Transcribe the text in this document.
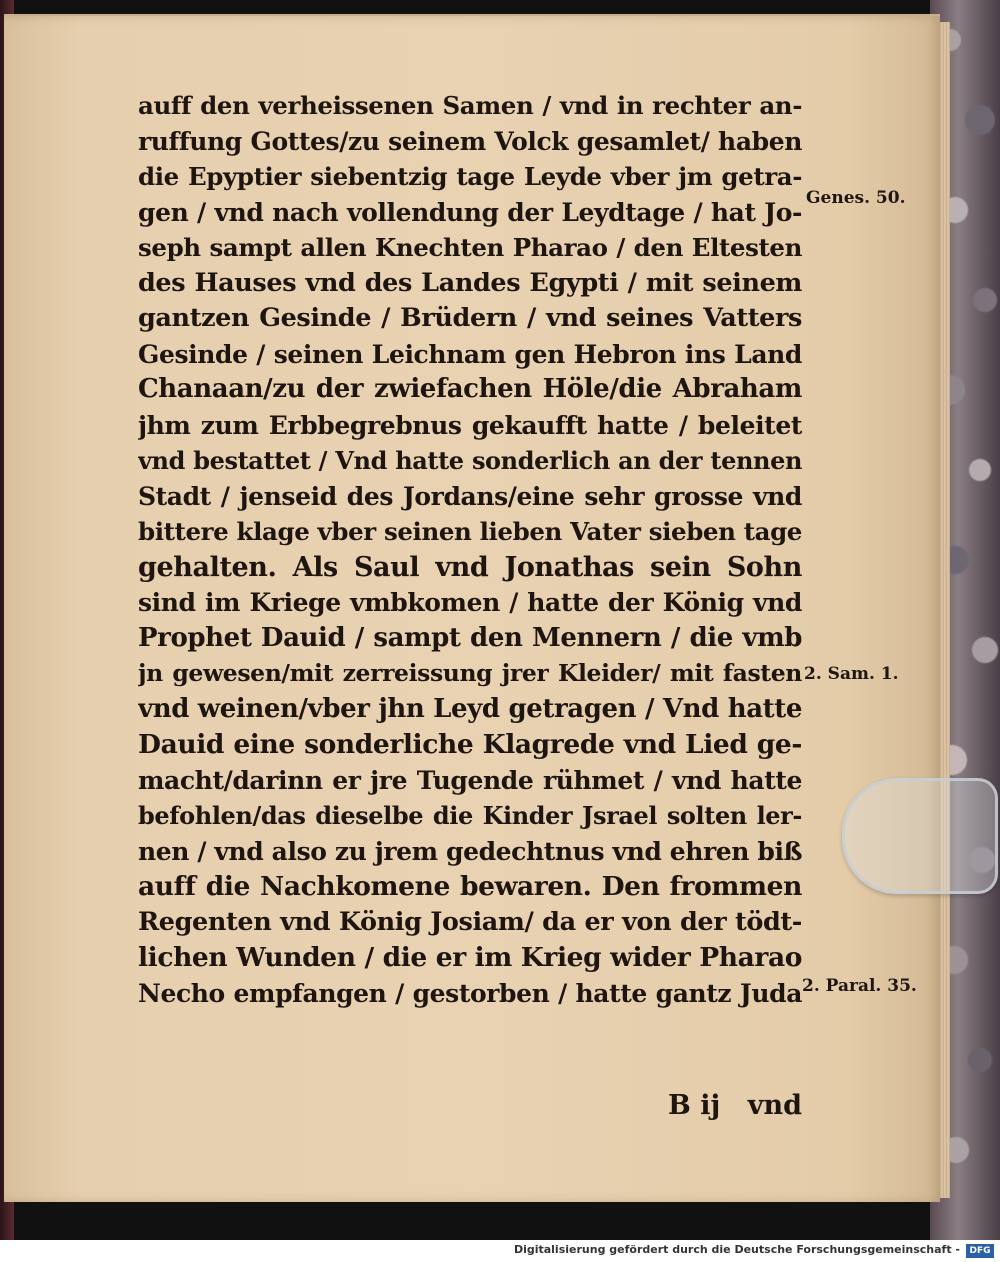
auff den verheissenen Samen / vnd in rechter an-
ruffung Gottes/zu seinem Volck gesamlet/ haben
die Epyptier siebentzig tage Leyde vber jm getra-
gen / vnd nach vollendung der Leydtage / hat Jo-
seph sampt allen Knechten Pharao / den Eltesten
des Hauses vnd des Landes Egypti / mit seinem
gantzen Gesinde / Brüdern / vnd seines Vatters
Gesinde / seinen Leichnam gen Hebron ins Land
Chanaan/zu der zwiefachen Höle/die Abraham
jhm zum Erbbegrebnus gekaufft hatte / beleitet
vnd bestattet / Vnd hatte sonderlich an der tennen
Stadt / jenseid des Jordans/eine sehr grosse vnd
bittere klage vber seinen lieben Vater sieben tage
gehalten. Als Saul vnd Jonathas sein Sohn
sind im Kriege vmbkomen / hatte der König vnd
Prophet Dauid / sampt den Mennern / die vmb
jn gewesen/mit zerreissung jrer Kleider/ mit fasten
vnd weinen/vber jhn Leyd getragen / Vnd hatte
Dauid eine sonderliche Klagrede vnd Lied ge-
macht/darinn er jre Tugende rühmet / vnd hatte
befohlen/das dieselbe die Kinder Jsrael solten ler-
nen / vnd also zu jrem gedechtnus vnd ehren biß
auff die Nachkomene bewaren. Den frommen
Regenten vnd König Josiam/ da er von der tödt-
lichen Wunden / die er im Krieg wider Pharao
Necho empfangen / gestorben / hatte gantz Juda
B ij	vnd
Genes. 50.
2. Sam. 1.
2. Paral. 35.
Digitalisierung gefördert durch die Deutsche Forschungsgemeinschaft -	DFG
